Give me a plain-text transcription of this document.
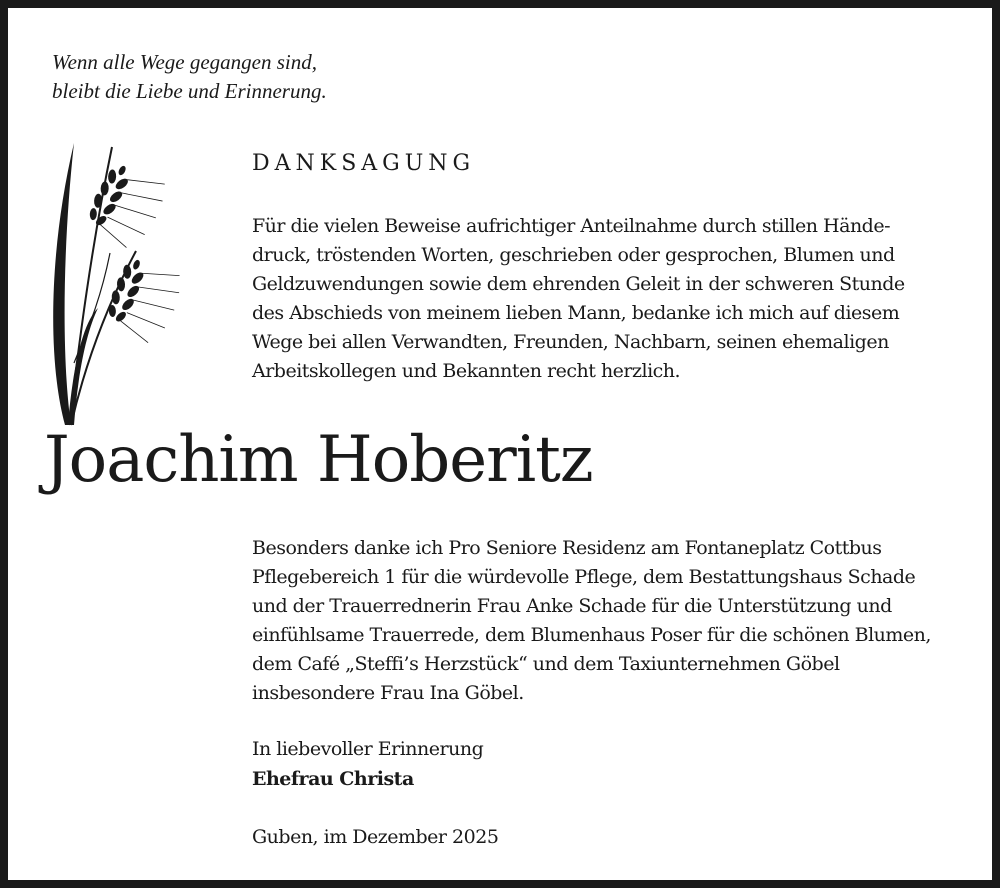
Wenn alle Wege gegangen sind,
bleibt die Liebe und Erinnerung.
DANKSAGUNG
Für die vielen Beweise aufrichtiger Anteilnahme durch stillen Hände-
druck, tröstenden Worten, geschrieben oder gesprochen, Blumen und
Geldzuwendungen sowie dem ehrenden Geleit in der schweren Stunde
des Abschieds von meinem lieben Mann, bedanke ich mich auf diesem
Wege bei allen Verwandten, Freunden, Nachbarn, seinen ehemaligen
Arbeitskollegen und Bekannten recht herzlich.
Joachim Hoberitz
Besonders danke ich Pro Seniore Residenz am Fontaneplatz Cottbus
Pflegebereich 1 für die würdevolle Pflege, dem Bestattungshaus Schade
und der Trauerrednerin Frau Anke Schade für die Unterstützung und
einfühlsame Trauerrede, dem Blumenhaus Poser für die schönen Blumen,
dem Café „Steffi’s Herzstück“ und dem Taxiunternehmen Göbel
insbesondere Frau Ina Göbel.
In liebevoller Erinnerung
Ehefrau Christa
Guben, im Dezember 2025
